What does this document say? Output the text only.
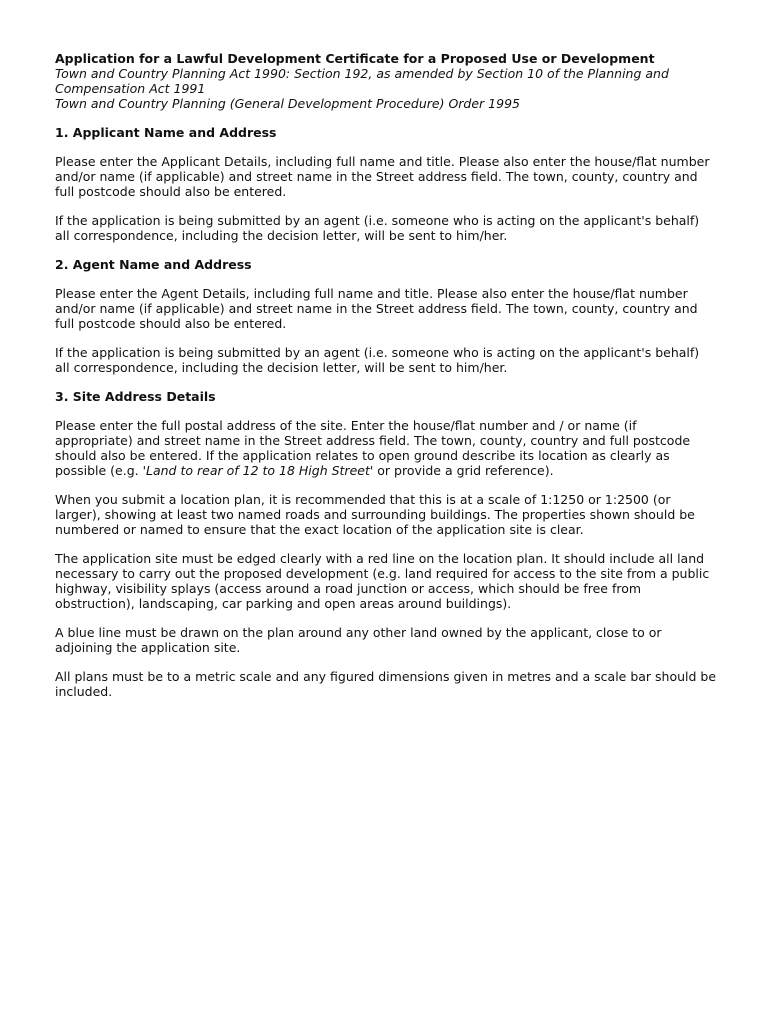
Application for a Lawful Development Certificate for a Proposed Use or Development

Town and Country Planning Act 1990: Section 192, as amended by Section 10 of the Planning and

Compensation Act 1991

Town and Country Planning (General Development Procedure) Order 1995

1. Applicant Name and Address

Please enter the Applicant Details, including full name and title. Please also enter the house/flat number and/or name (if applicable) and street name in the Street address field. The town, county, country and full postcode should also be entered.

If the application is being submitted by an agent (i.e. someone who is acting on the applicant's behalf) all correspondence, including the decision letter, will be sent to him/her.

2. Agent Name and Address

Please enter the Agent Details, including full name and title. Please also enter the house/flat number and/or name (if applicable) and street name in the Street address field. The town, county, country and full postcode should also be entered.

If the application is being submitted by an agent (i.e. someone who is acting on the applicant's behalf) all correspondence, including the decision letter, will be sent to him/her.

3. Site Address Details

Please enter the full postal address of the site. Enter the house/flat number and / or name (if appropriate) and street name in the Street address field. The town, county, country and full postcode should also be entered. If the application relates to open ground describe its location as clearly as possible (e.g. 'Land to rear of 12 to 18 High Street' or provide a grid reference).

When you submit a location plan, it is recommended that this is at a scale of 1:1250 or 1:2500 (or larger), showing at least two named roads and surrounding buildings. The properties shown should be numbered or named to ensure that the exact location of the application site is clear.

The application site must be edged clearly with a red line on the location plan. It should include all land necessary to carry out the proposed development (e.g. land required for access to the site from a public highway, visibility splays (access around a road junction or access, which should be free from obstruction), landscaping, car parking and open areas around buildings).

A blue line must be drawn on the plan around any other land owned by the applicant, close to or adjoining the application site.

All plans must be to a metric scale and any figured dimensions given in metres and a scale bar should be included.
